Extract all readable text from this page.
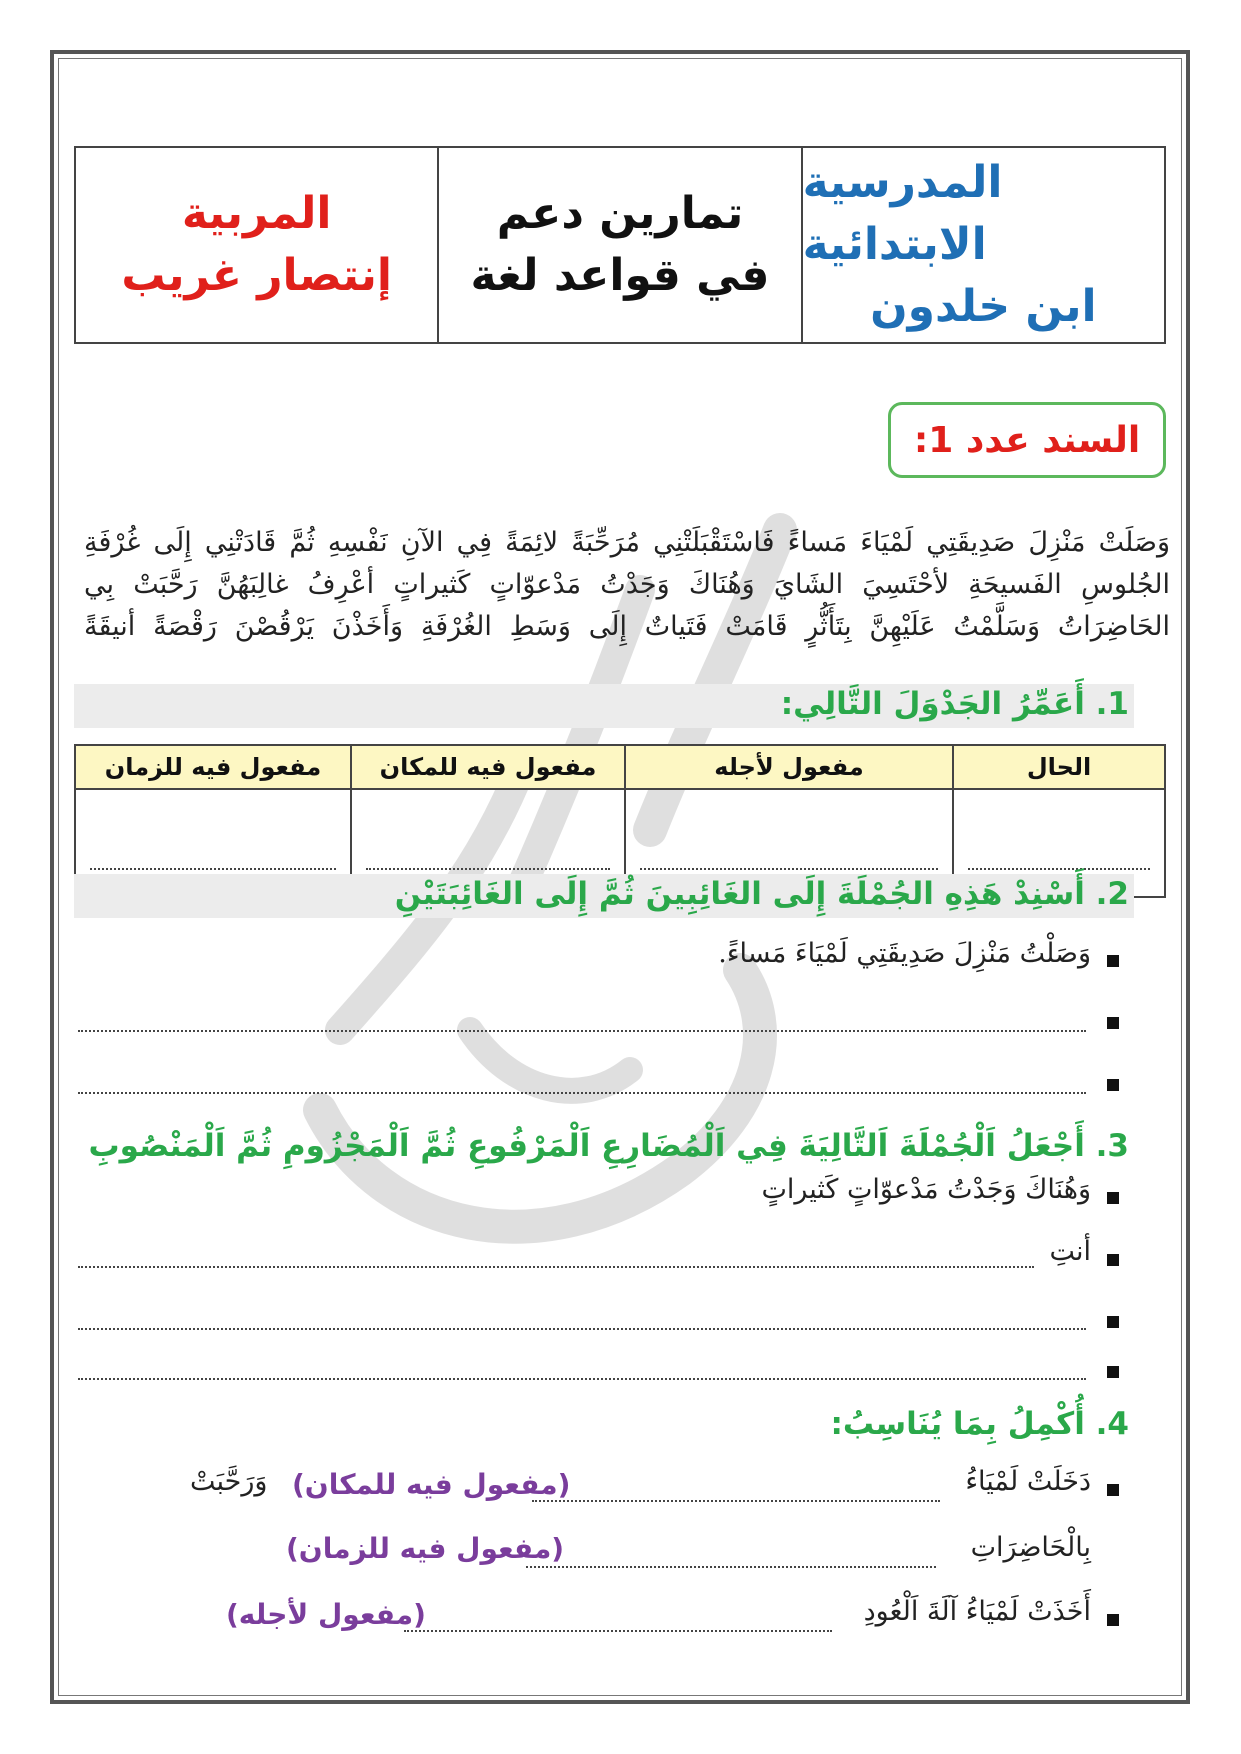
المدرسية الابتدائية
ابن خلدون
تمارين دعم
في قواعد لغة
المربية
إنتصار غريب
السند عدد 1:
وَصَلَتْ مَنْزِلَ صَدِيقَتِي لَمْيَاءَ مَساءً فَاسْتَقْبَلَتْنِي مُرَحِّبَةً لائِمَةً فِي الآنِ نَفْسِهِ ثُمَّ قَادَتْنِي إِلَى غُرْفَةِ
الجُلوسِ الفَسيحَةِ لأحْتَسِيَ الشَايَ وَهُنَاكَ وَجَدْتُ مَدْعوّاتٍ كَثيراتٍ أعْرِفُ غالِبَهُنَّ رَحَّبَتْ بِي
الحَاضِرَاتُ وَسَلَّمْتُ عَلَيْهِنَّ بِتَأَثُّرٍ قَامَتْ فَتَياتٌ إِلَى وَسَطِ الغُرْفَةِ وَأَخَذْنَ يَرْقُصْنَ رَقْصَةً أنيقَةً
1. أَعَمِّرُ الجَدْوَلَ التَّالِي:
الحال	مفعول لأجله	مفعول فيه للمكان	مفعول فيه للزمان

2. أَسْنِدْ هَذِهِ الجُمْلَةَ إِلَى الغَائِبِينَ ثُمَّ إِلَى الغَائِبَتَيْنِ
وَصَلْتُ مَنْزِلَ صَدِيقَتِي لَمْيَاءَ مَساءً.
3. أَجْعَلُ اَلْجُمْلَةَ اَلتَّالِيَةَ فِي اَلْمُضَارِعِ اَلْمَرْفُوعِ ثُمَّ اَلْمَجْزُومِ ثُمَّ اَلْمَنْصُوبِ
وَهُنَاكَ وَجَدْتُ مَدْعوّاتٍ كَثيراتٍ
أنتِ
4. أُكْمِلُ بِمَا يُنَاسِبُ:
دَخَلَتْ لَمْيَاءُ
(مفعول فيه للمكان)
وَرَحَّبَتْ
بِالْحَاضِرَاتِ
(مفعول فيه للزمان)
أَخَذَتْ لَمْيَاءُ آلَةَ اَلْعُودِ
(مفعول لأجله)
